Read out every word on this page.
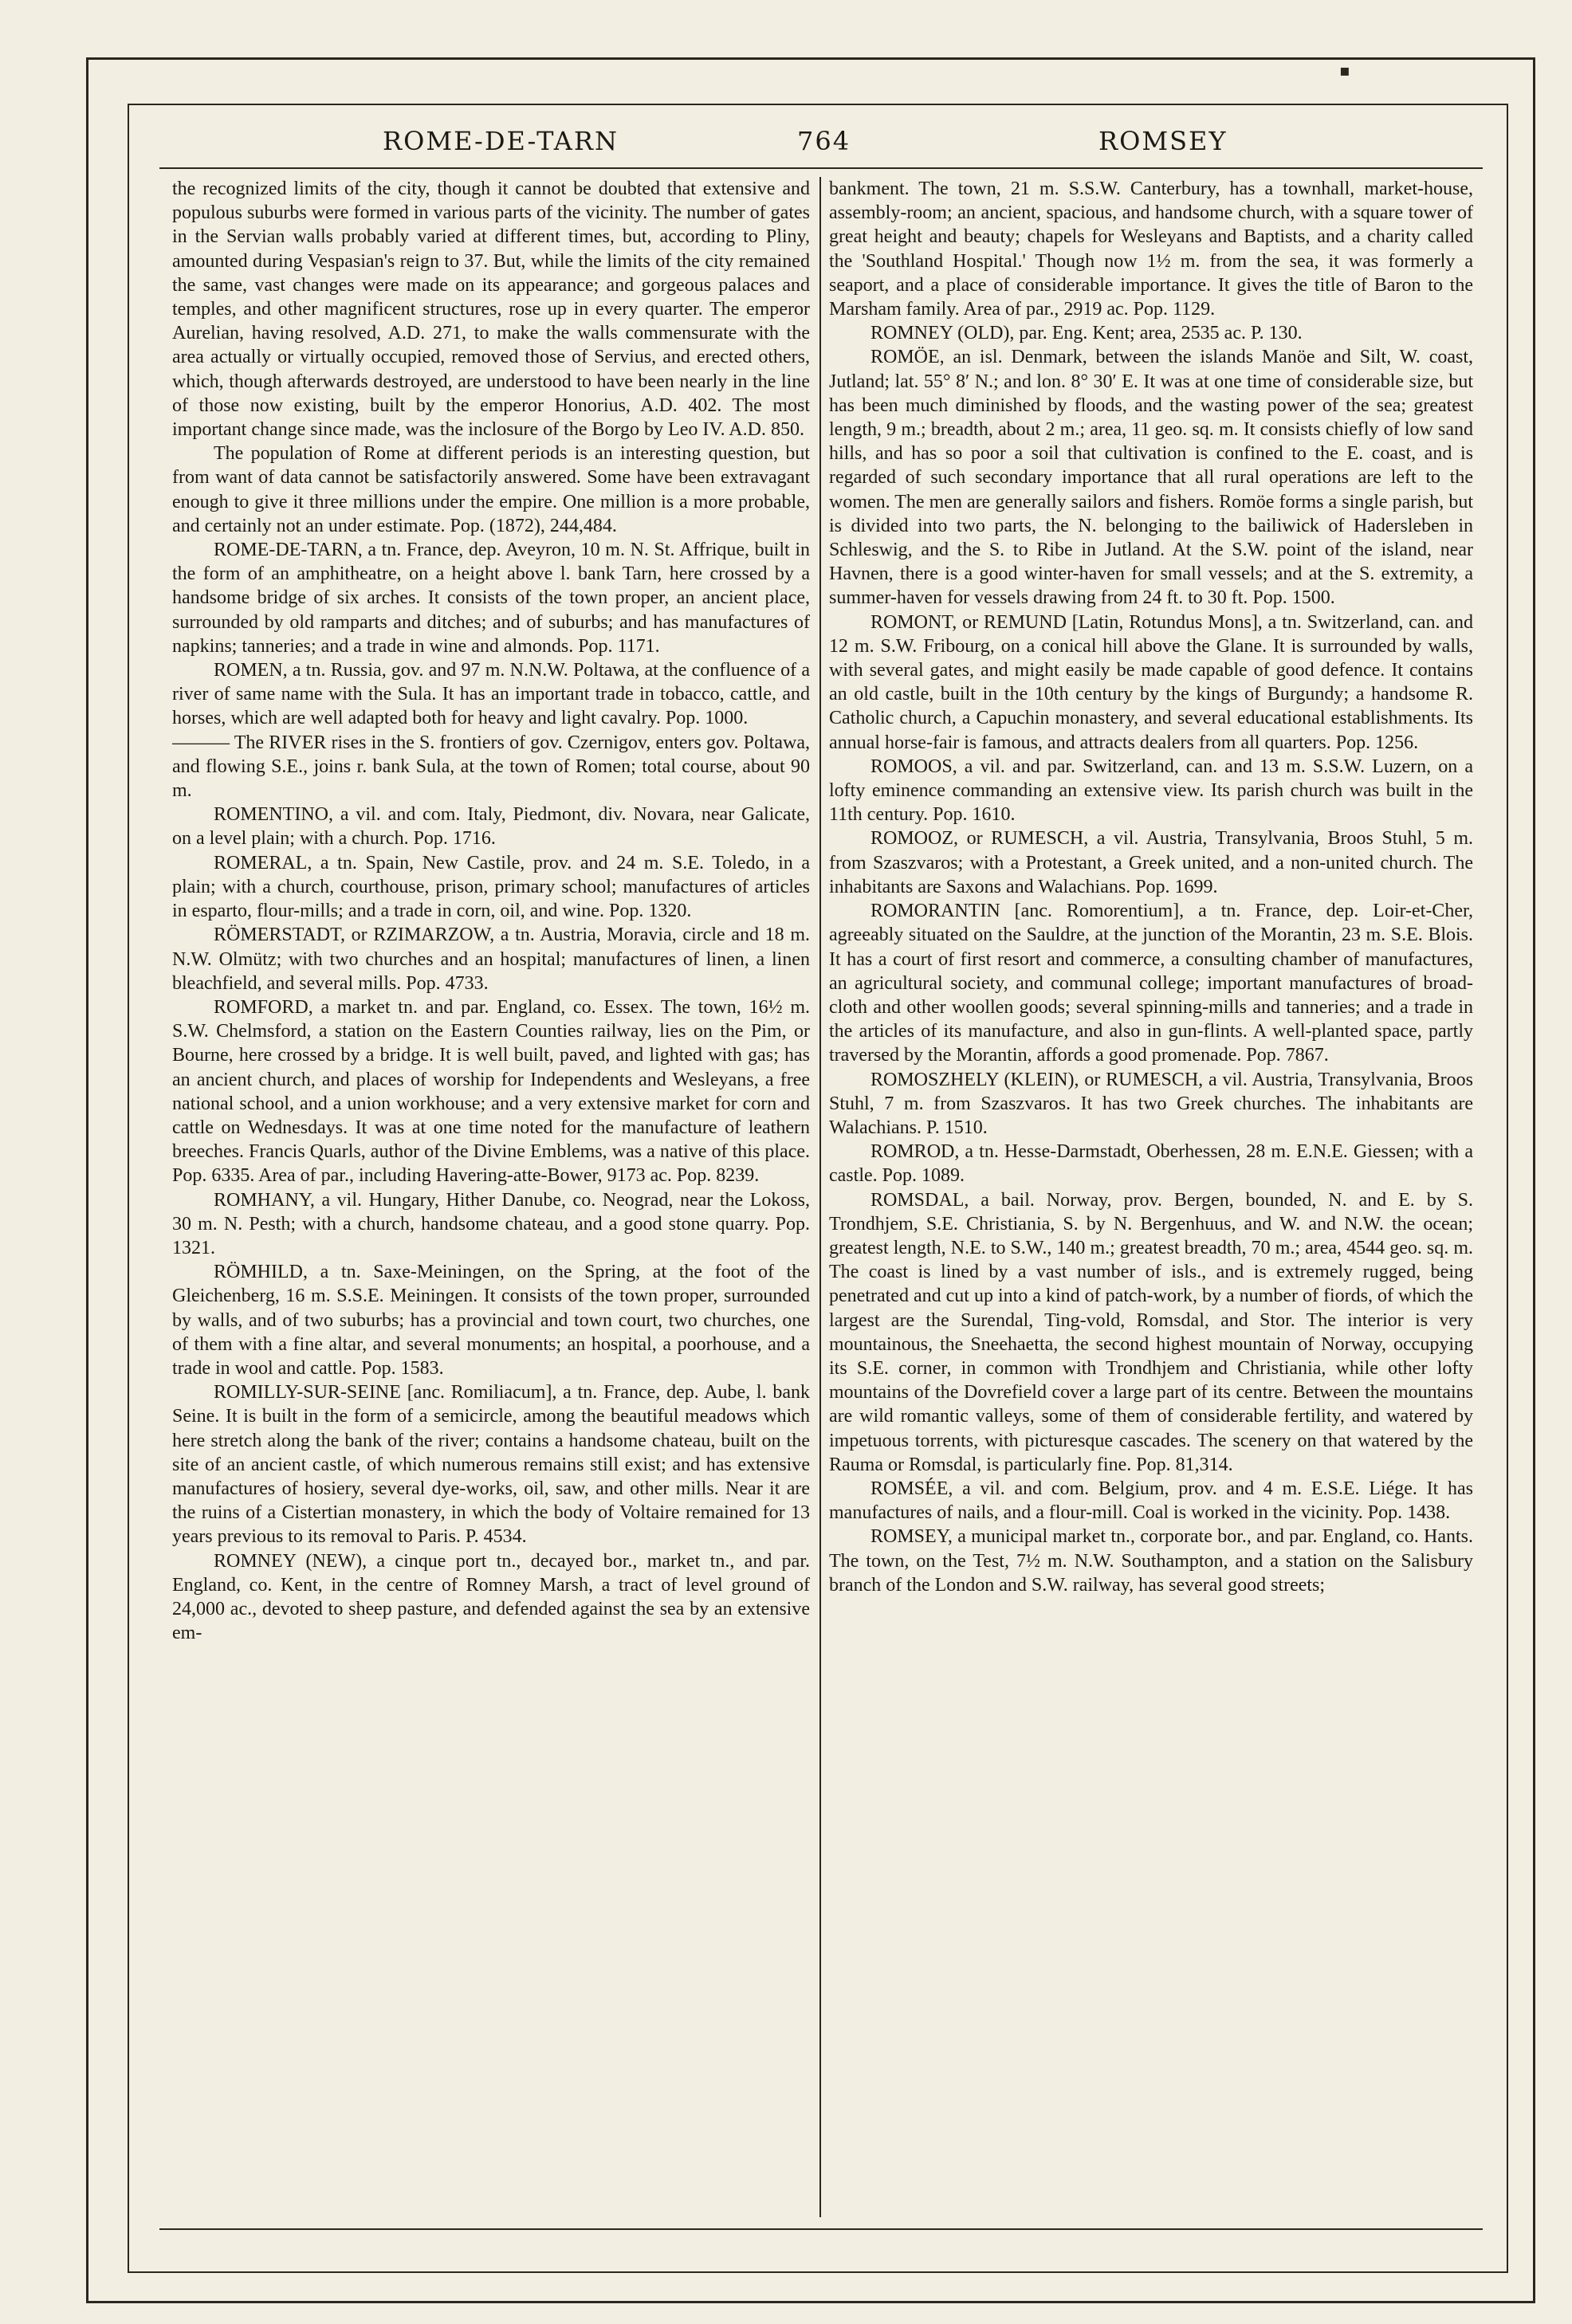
▪
ROME-DE-TARN	764	ROMSEY

the recognized limits of the city, though it cannot be doubted that extensive and populous suburbs were formed in various parts of the vicinity. The number of gates in the Servian walls probably varied at different times, but, according to Pliny, amounted during Vespasian's reign to 37. But, while the limits of the city remained the same, vast changes were made on its appearance; and gorgeous palaces and temples, and other magnificent structures, rose up in every quarter. The emperor Aurelian, having resolved, A.D. 271, to make the walls commensurate with the area actually or virtually occupied, removed those of Servius, and erected others, which, though afterwards destroyed, are understood to have been nearly in the line of those now existing, built by the emperor Honorius, A.D. 402. The most important change since made, was the inclosure of the Borgo by Leo IV. A.D. 850.

The population of Rome at different periods is an interesting question, but from want of data cannot be satisfactorily answered. Some have been extravagant enough to give it three millions under the empire. One million is a more probable, and certainly not an under estimate. Pop. (1872), 244,484.

ROME-DE-TARN, a tn. France, dep. Aveyron, 10 m. N. St. Affrique, built in the form of an amphitheatre, on a height above l. bank Tarn, here crossed by a handsome bridge of six arches. It consists of the town proper, an ancient place, surrounded by old ramparts and ditches; and of suburbs; and has manufactures of napkins; tanneries; and a trade in wine and almonds. Pop. 1171.

ROMEN, a tn. Russia, gov. and 97 m. N.N.W. Poltawa, at the confluence of a river of same name with the Sula. It has an important trade in tobacco, cattle, and horses, which are well adapted both for heavy and light cavalry. Pop. 1000.

——— The RIVER rises in the S. frontiers of gov. Czernigov, enters gov. Poltawa, and flowing S.E., joins r. bank Sula, at the town of Romen; total course, about 90 m.

ROMENTINO, a vil. and com. Italy, Piedmont, div. Novara, near Galicate, on a level plain; with a church. Pop. 1716.

ROMERAL, a tn. Spain, New Castile, prov. and 24 m. S.E. Toledo, in a plain; with a church, courthouse, prison, primary school; manufactures of articles in esparto, flour-mills; and a trade in corn, oil, and wine. Pop. 1320.

RÖMERSTADT, or RZIMARZOW, a tn. Austria, Moravia, circle and 18 m. N.W. Olmütz; with two churches and an hospital; manufactures of linen, a linen bleachfield, and several mills. Pop. 4733.

ROMFORD, a market tn. and par. England, co. Essex. The town, 16½ m. S.W. Chelmsford, a station on the Eastern Counties railway, lies on the Pim, or Bourne, here crossed by a bridge. It is well built, paved, and lighted with gas; has an ancient church, and places of worship for Independents and Wesleyans, a free national school, and a union workhouse; and a very extensive market for corn and cattle on Wednesdays. It was at one time noted for the manufacture of leathern breeches. Francis Quarls, author of the Divine Emblems, was a native of this place. Pop. 6335. Area of par., including Havering-atte-Bower, 9173 ac. Pop. 8239.

ROMHANY, a vil. Hungary, Hither Danube, co. Neograd, near the Lokoss, 30 m. N. Pesth; with a church, handsome chateau, and a good stone quarry. Pop. 1321.

RÖMHILD, a tn. Saxe-Meiningen, on the Spring, at the foot of the Gleichenberg, 16 m. S.S.E. Meiningen. It consists of the town proper, surrounded by walls, and of two suburbs; has a provincial and town court, two churches, one of them with a fine altar, and several monuments; an hospital, a poorhouse, and a trade in wool and cattle. Pop. 1583.

ROMILLY-SUR-SEINE [anc. Romiliacum], a tn. France, dep. Aube, l. bank Seine. It is built in the form of a semicircle, among the beautiful meadows which here stretch along the bank of the river; contains a handsome chateau, built on the site of an ancient castle, of which numerous remains still exist; and has extensive manufactures of hosiery, several dye-works, oil, saw, and other mills. Near it are the ruins of a Cistertian monastery, in which the body of Voltaire remained for 13 years previous to its removal to Paris. P. 4534.

ROMNEY (NEW), a cinque port tn., decayed bor., market tn., and par. England, co. Kent, in the centre of Romney Marsh, a tract of level ground of 24,000 ac., devoted to sheep pasture, and defended against the sea by an extensive em-

bankment. The town, 21 m. S.S.W. Canterbury, has a townhall, market-house, assembly-room; an ancient, spacious, and handsome church, with a square tower of great height and beauty; chapels for Wesleyans and Baptists, and a charity called the 'Southland Hospital.' Though now 1½ m. from the sea, it was formerly a seaport, and a place of considerable importance. It gives the title of Baron to the Marsham family. Area of par., 2919 ac. Pop. 1129.

ROMNEY (OLD), par. Eng. Kent; area, 2535 ac. P. 130.

ROMÖE, an isl. Denmark, between the islands Manöe and Silt, W. coast, Jutland; lat. 55° 8′ N.; and lon. 8° 30′ E. It was at one time of considerable size, but has been much diminished by floods, and the wasting power of the sea; greatest length, 9 m.; breadth, about 2 m.; area, 11 geo. sq. m. It consists chiefly of low sand hills, and has so poor a soil that cultivation is confined to the E. coast, and is regarded of such secondary importance that all rural operations are left to the women. The men are generally sailors and fishers. Romöe forms a single parish, but is divided into two parts, the N. belonging to the bailiwick of Hadersleben in Schleswig, and the S. to Ribe in Jutland. At the S.W. point of the island, near Havnen, there is a good winter-haven for small vessels; and at the S. extremity, a summer-haven for vessels drawing from 24 ft. to 30 ft. Pop. 1500.

ROMONT, or REMUND [Latin, Rotundus Mons], a tn. Switzerland, can. and 12 m. S.W. Fribourg, on a conical hill above the Glane. It is surrounded by walls, with several gates, and might easily be made capable of good defence. It contains an old castle, built in the 10th century by the kings of Burgundy; a handsome R. Catholic church, a Capuchin monastery, and several educational establishments. Its annual horse-fair is famous, and attracts dealers from all quarters. Pop. 1256.

ROMOOS, a vil. and par. Switzerland, can. and 13 m. S.S.W. Luzern, on a lofty eminence commanding an extensive view. Its parish church was built in the 11th century. Pop. 1610.

ROMOOZ, or RUMESCH, a vil. Austria, Transylvania, Broos Stuhl, 5 m. from Szaszvaros; with a Protestant, a Greek united, and a non-united church. The inhabitants are Saxons and Walachians. Pop. 1699.

ROMORANTIN [anc. Romorentium], a tn. France, dep. Loir-et-Cher, agreeably situated on the Sauldre, at the junction of the Morantin, 23 m. S.E. Blois. It has a court of first resort and commerce, a consulting chamber of manufactures, an agricultural society, and communal college; important manufactures of broad-cloth and other woollen goods; several spinning-mills and tanneries; and a trade in the articles of its manufacture, and also in gun-flints. A well-planted space, partly traversed by the Morantin, affords a good promenade. Pop. 7867.

ROMOSZHELY (KLEIN), or RUMESCH, a vil. Austria, Transylvania, Broos Stuhl, 7 m. from Szaszvaros. It has two Greek churches. The inhabitants are Walachians. P. 1510.

ROMROD, a tn. Hesse-Darmstadt, Oberhessen, 28 m. E.N.E. Giessen; with a castle. Pop. 1089.

ROMSDAL, a bail. Norway, prov. Bergen, bounded, N. and E. by S. Trondhjem, S.E. Christiania, S. by N. Bergenhuus, and W. and N.W. the ocean; greatest length, N.E. to S.W., 140 m.; greatest breadth, 70 m.; area, 4544 geo. sq. m. The coast is lined by a vast number of isls., and is extremely rugged, being penetrated and cut up into a kind of patch-work, by a number of fiords, of which the largest are the Surendal, Ting-vold, Romsdal, and Stor. The interior is very mountainous, the Sneehaetta, the second highest mountain of Norway, occupying its S.E. corner, in common with Trondhjem and Christiania, while other lofty mountains of the Dovrefield cover a large part of its centre. Between the mountains are wild romantic valleys, some of them of considerable fertility, and watered by impetuous torrents, with picturesque cascades. The scenery on that watered by the Rauma or Romsdal, is particularly fine. Pop. 81,314.

ROMSÉE, a vil. and com. Belgium, prov. and 4 m. E.S.E. Liége. It has manufactures of nails, and a flour-mill. Coal is worked in the vicinity. Pop. 1438.

ROMSEY, a municipal market tn., corporate bor., and par. England, co. Hants. The town, on the Test, 7½ m. N.W. Southampton, and a station on the Salisbury branch of the London and S.W. railway, has several good streets;
